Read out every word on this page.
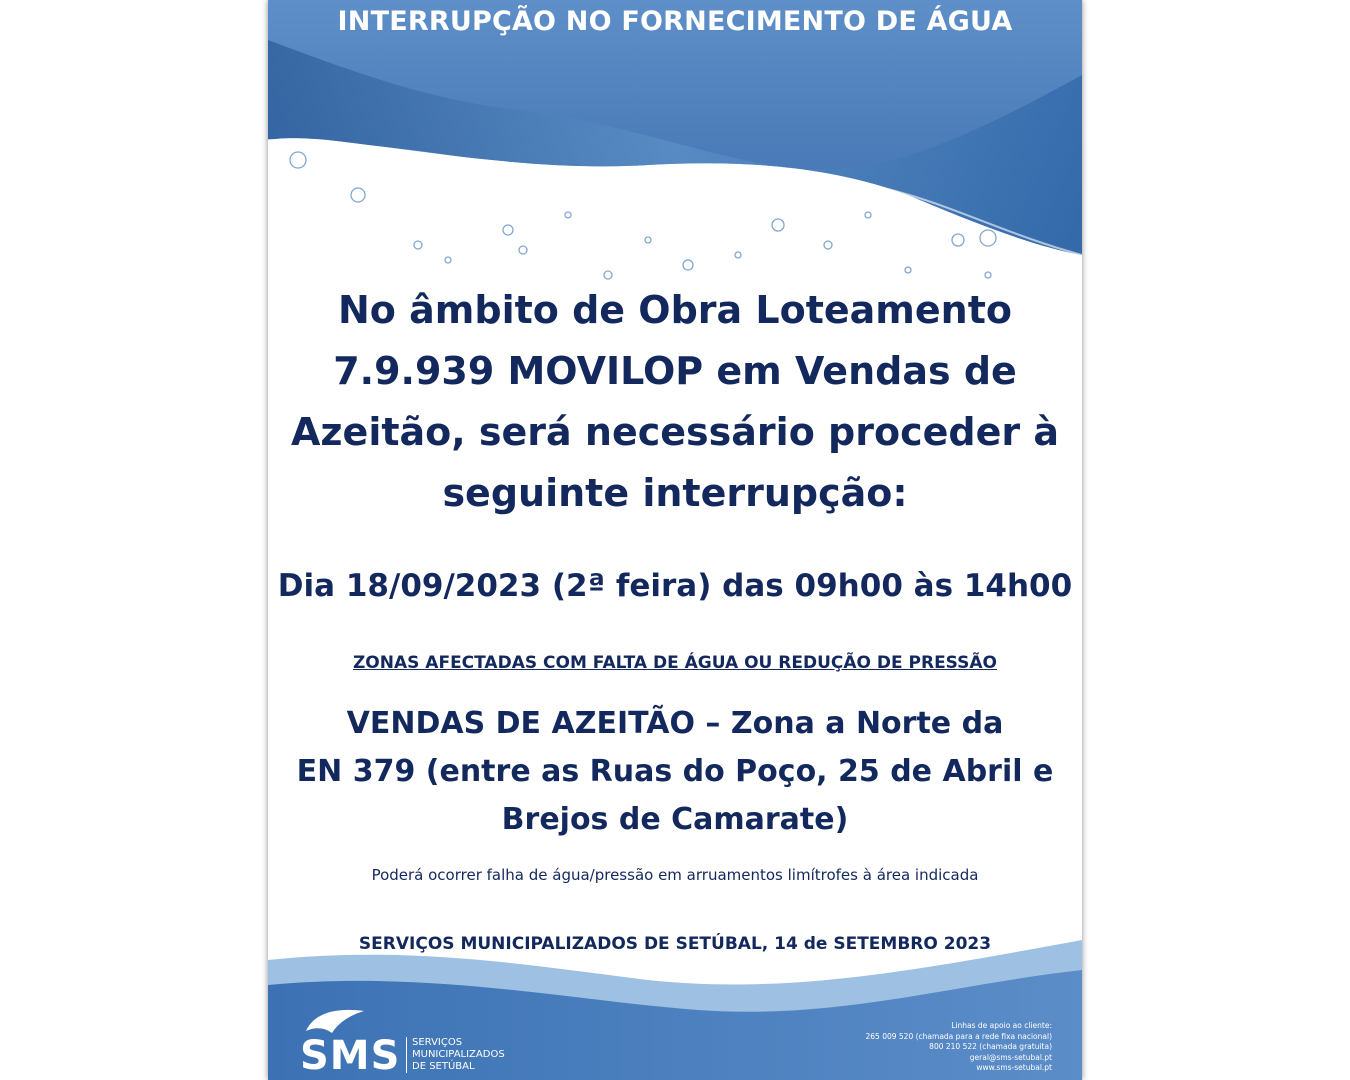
INTERRUPÇÃO NO FORNECIMENTO DE ÁGUA
No âmbito de Obra Loteamento
7.9.939 MOVILOP em Vendas de
Azeitão, será necessário proceder à
seguinte interrupção:
Dia 18/09/2023 (2ª feira) das 09h00 às 14h00
ZONAS AFECTADAS COM FALTA DE ÁGUA OU REDUÇÃO DE PRESSÃO
VENDAS DE AZEITÃO – Zona a Norte da
EN 379 (entre as Ruas do Poço, 25 de Abril e
Brejos de Camarate)
Poderá ocorrer falha de água/pressão em arruamentos limítrofes à área indicada
SERVIÇOS MUNICIPALIZADOS DE SETÚBAL, 14 de SETEMBRO 2023
SMS SERVIÇOS
MUNICIPALIZADOS
DE SETÚBAL
Linhas de apoio ao cliente:
265 009 520 (chamada para a rede fixa nacional)
800 210 522 (chamada gratuita)
geral@sms-setubal.pt
www.sms-setubal.pt
